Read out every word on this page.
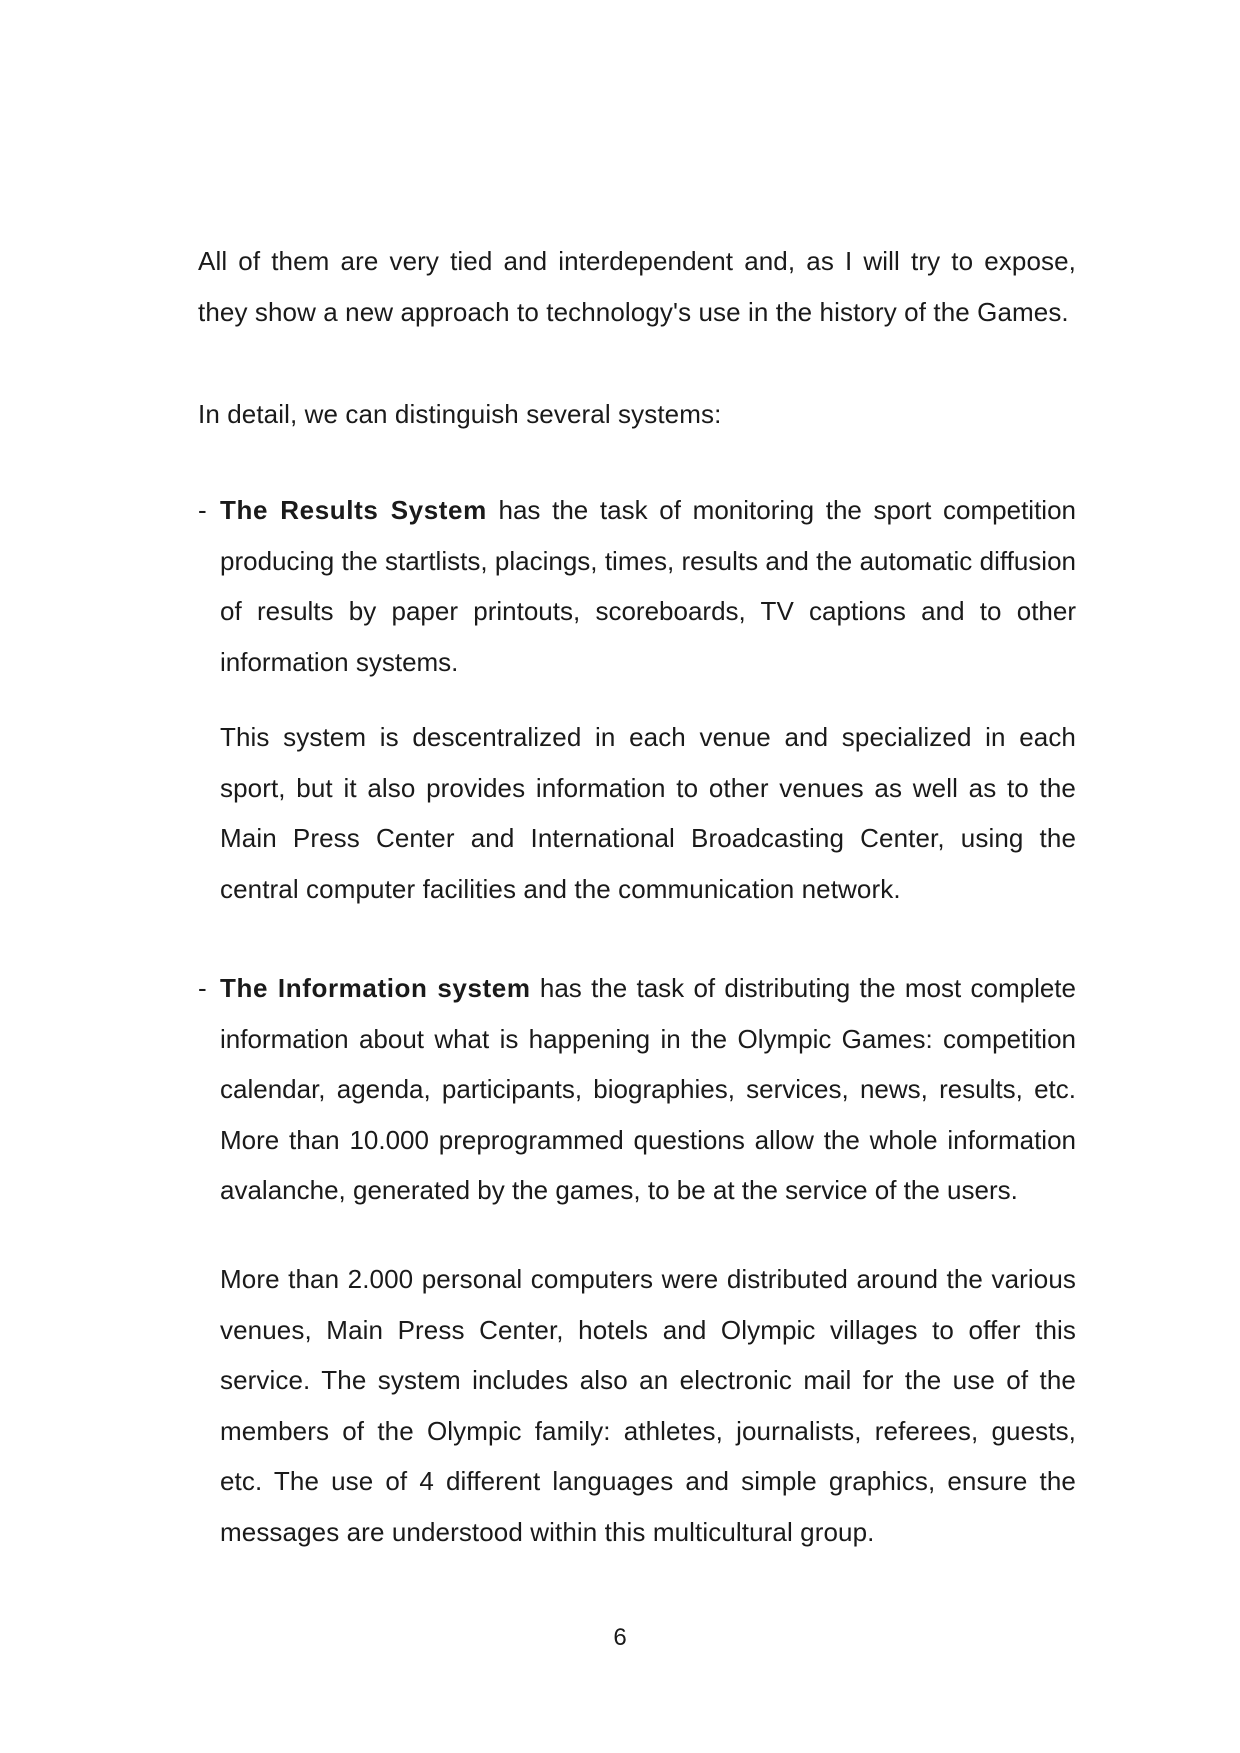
All of them are very tied and interdependent and, as I will try to expose, they show a new approach to technology's use in the history of the Games.

In detail, we can distinguish several systems:

- The Results System has the task of monitoring the sport competition producing the startlists, placings, times, results and the automatic diffusion of results by paper printouts, scoreboards, TV captions and to other information systems.

This system is descentralized in each venue and specialized in each sport, but it also provides information to other venues as well as to the Main Press Center and International Broadcasting Center, using the central computer facilities and the communication network.

- The Information system has the task of distributing the most complete information about what is happening in the Olympic Games: competition calendar, agenda, participants, biographies, services, news, results, etc. More than 10.000 preprogrammed questions allow the whole information avalanche, generated by the games, to be at the service of the users.

More than 2.000 personal computers were distributed around the various venues, Main Press Center, hotels and Olympic villages to offer this service. The system includes also an electronic mail for the use of the members of the Olympic family: athletes, journalists, referees, guests, etc. The use of 4 different languages and simple graphics, ensure the messages are understood within this multicultural group.

6
